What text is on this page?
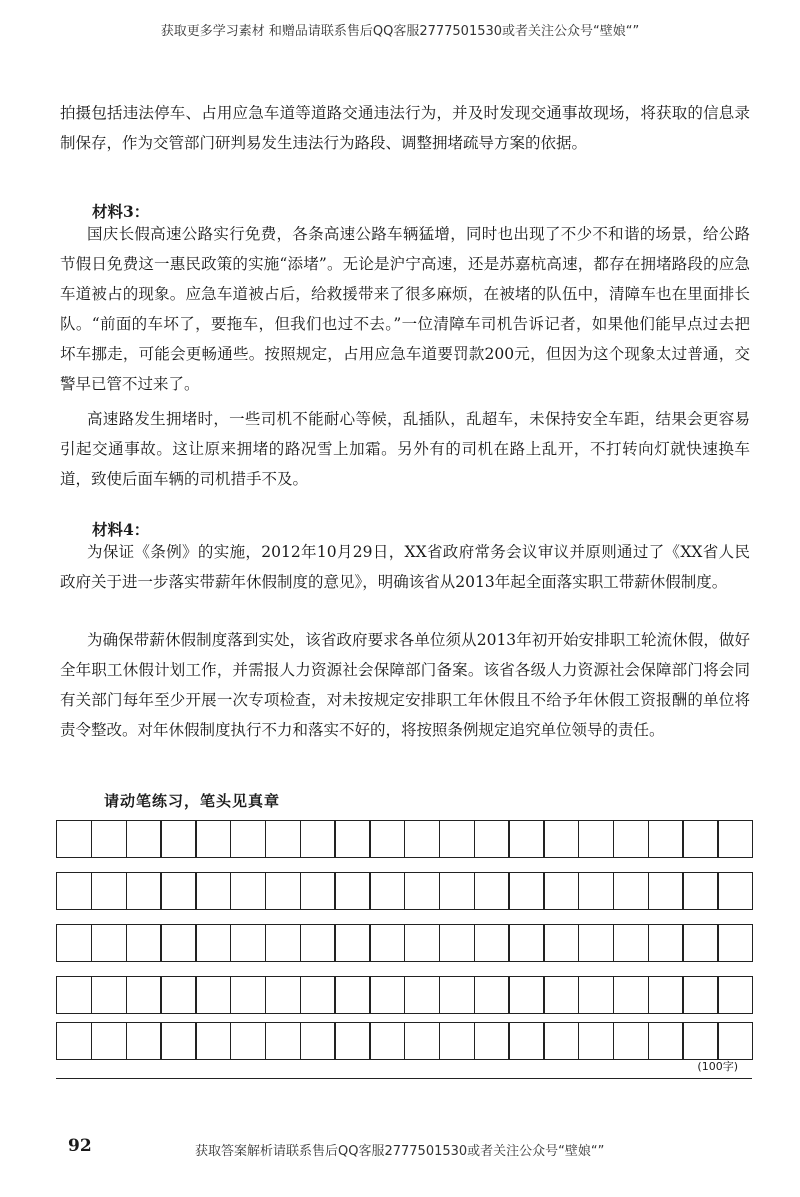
获取更多学习素材 和赠品请联系售后QQ客服2777501530或者关注公众号“壁娘“”

拍摄包括违法停车、占用应急车道等道路交通违法行为，并及时发现交通事故现场，将获取的信息录制保存，作为交管部门研判易发生违法行为路段、调整拥堵疏导方案的依据。

材料3：

国庆长假高速公路实行免费，各条高速公路车辆猛增，同时也出现了不少不和谐的场景，给公路节假日免费这一惠民政策的实施“添堵”。无论是沪宁高速，还是苏嘉杭高速，都存在拥堵路段的应急车道被占的现象。应急车道被占后，给救援带来了很多麻烦，在被堵的队伍中，清障车也在里面排长队。“前面的车坏了，要拖车，但我们也过不去。”一位清障车司机告诉记者，如果他们能早点过去把坏车挪走，可能会更畅通些。按照规定，占用应急车道要罚款200元，但因为这个现象太过普通，交警早已管不过来了。

高速路发生拥堵时，一些司机不能耐心等候，乱插队，乱超车，未保持安全车距，结果会更容易引起交通事故。这让原来拥堵的路况雪上加霜。另外有的司机在路上乱开，不打转向灯就快速换车道，致使后面车辆的司机措手不及。

材料4：

为保证《条例》的实施，2012年10月29日，XX省政府常务会议审议并原则通过了《XX省人民政府关于进一步落实带薪年休假制度的意见》，明确该省从2013年起全面落实职工带薪休假制度。

为确保带薪休假制度落到实处，该省政府要求各单位须从2013年初开始安排职工轮流休假，做好全年职工休假计划工作，并需报人力资源社会保障部门备案。该省各级人力资源社会保障部门将会同有关部门每年至少开展一次专项检查，对未按规定安排职工年休假且不给予年休假工资报酬的单位将责令整改。对年休假制度执行不力和落实不好的，将按照条例规定追究单位领导的责任。

请动笔练习，笔头见真章
(100字)
92	获取答案解析请联系售后QQ客服2777501530或者关注公众号“壁娘“”
